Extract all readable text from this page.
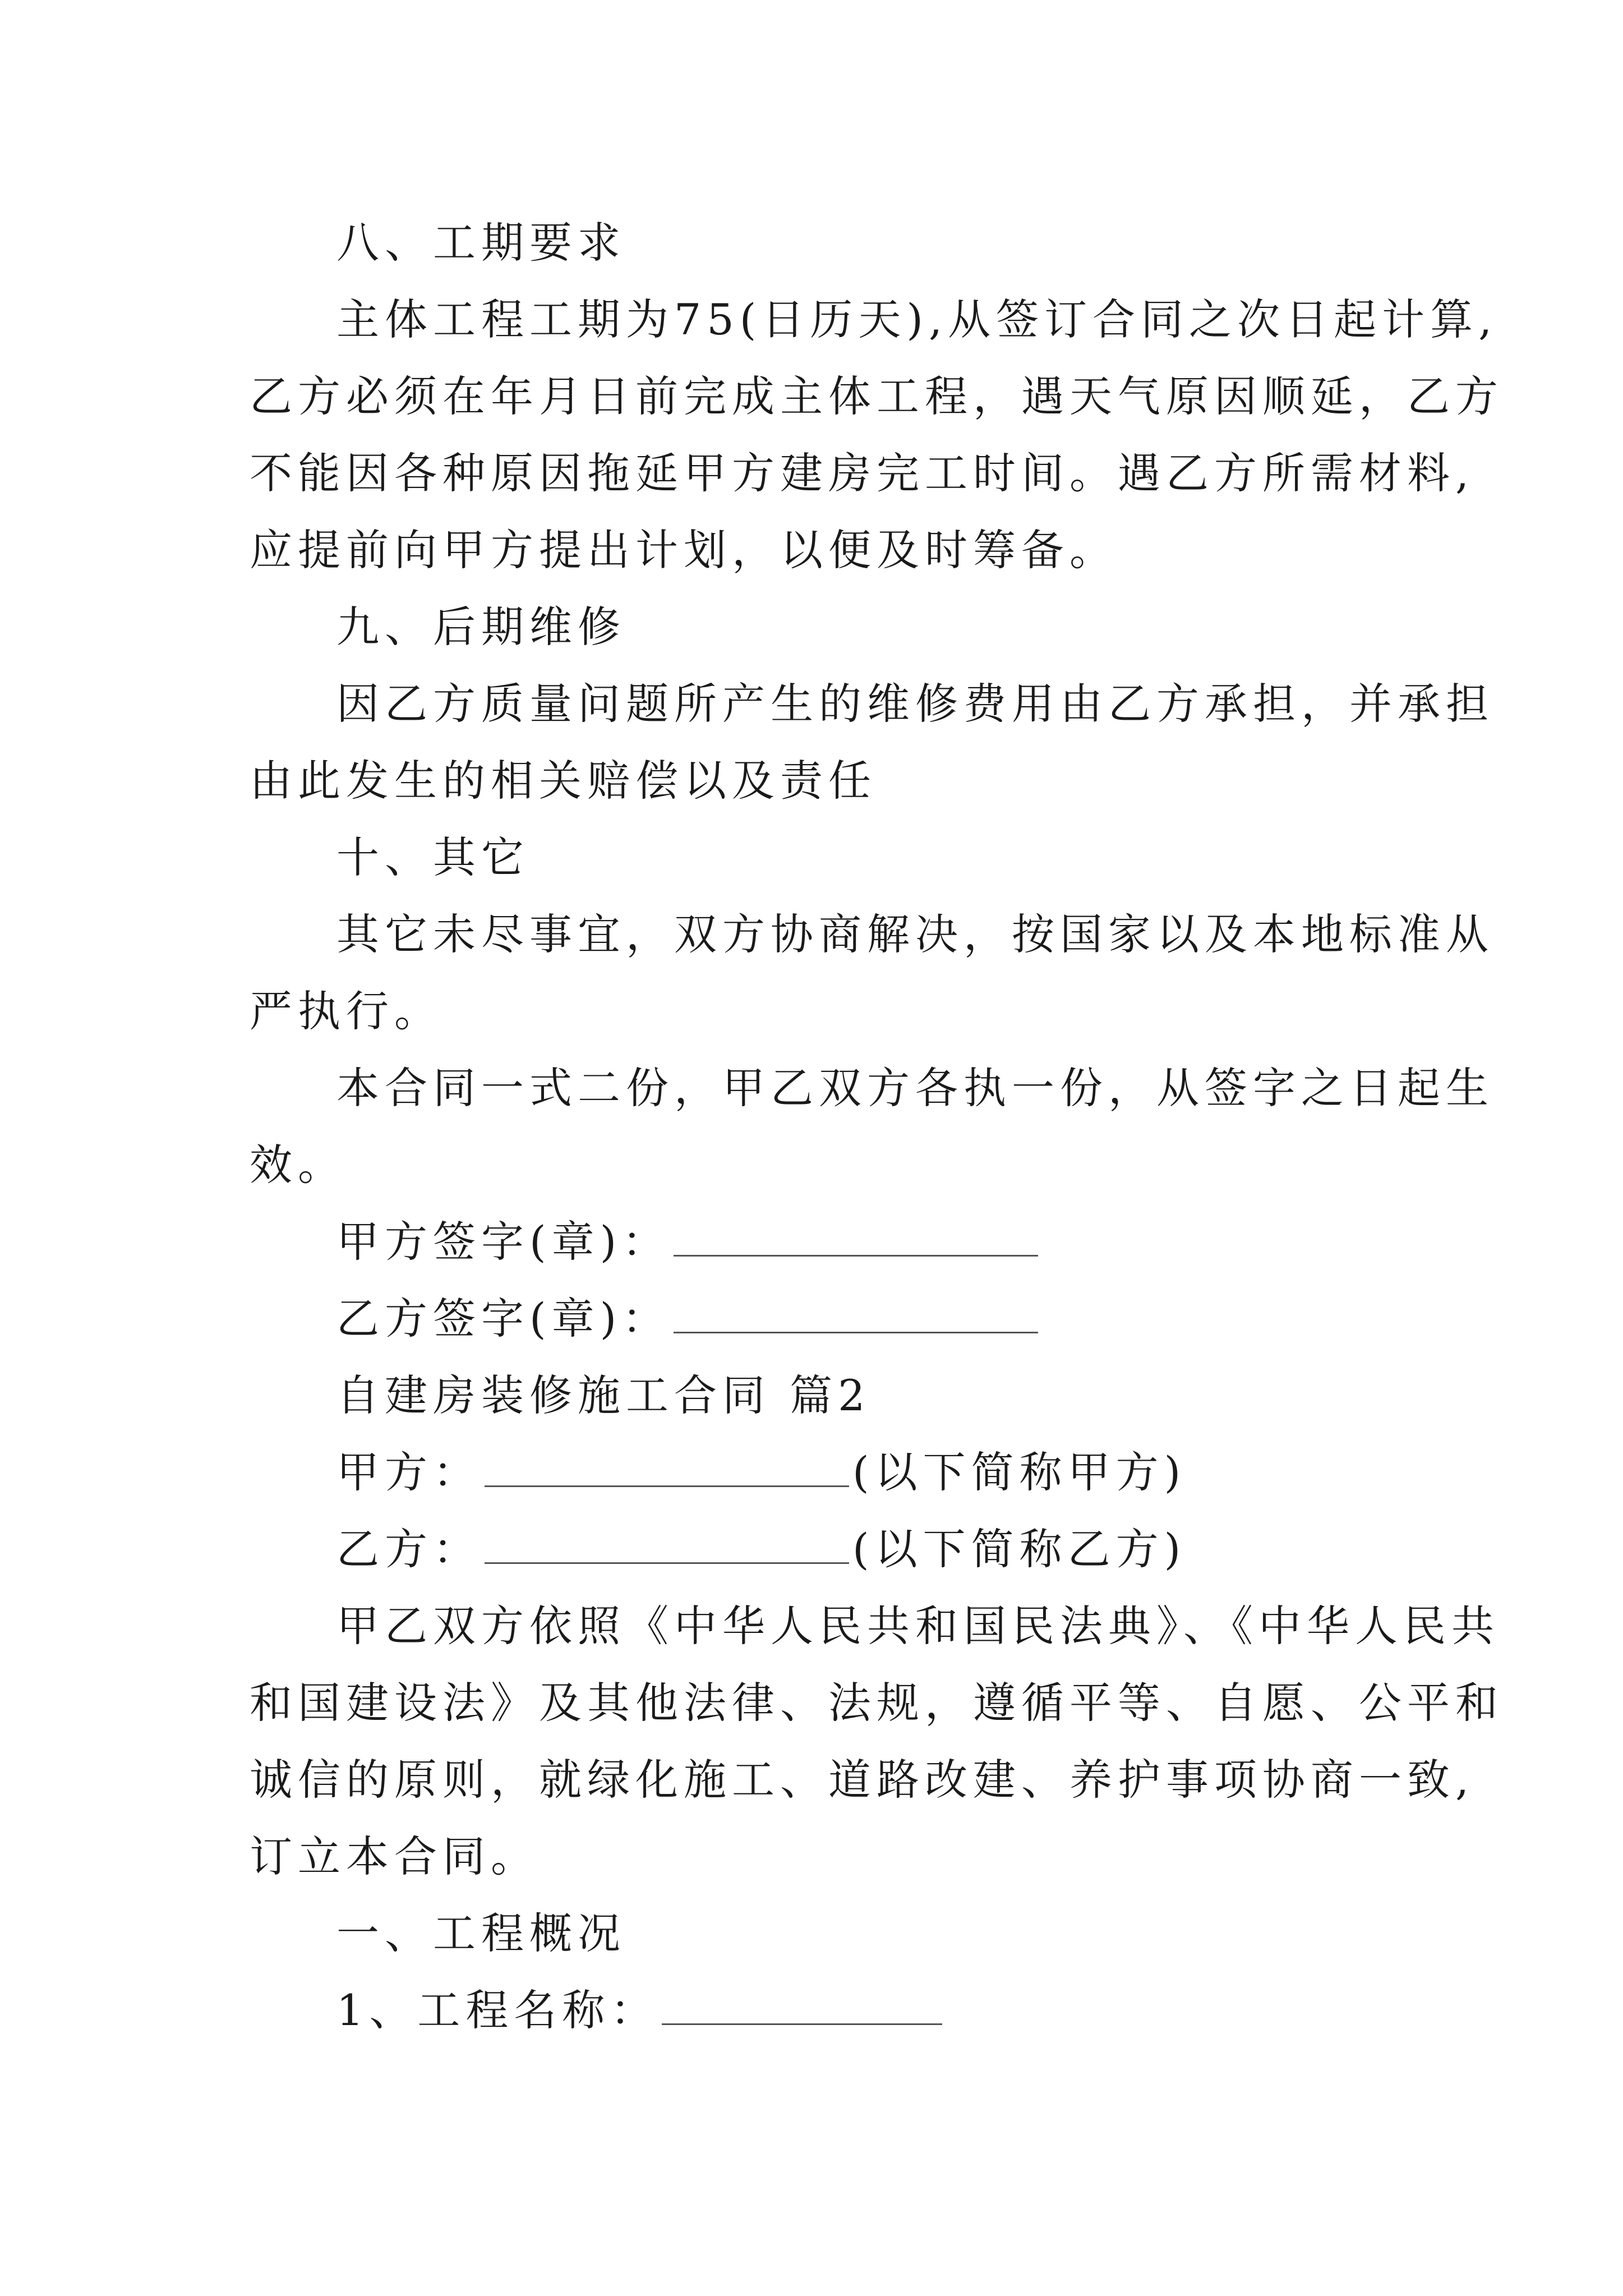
八、工期要求
主体工程工期为75(日历天),从签订合同之次日起计算,
乙方必须在年月日前完成主体工程，遇天气原因顺延，乙方
不能因各种原因拖延甲方建房完工时间。遇乙方所需材料,
应提前向甲方提出计划，以便及时筹备。
九、后期维修
因乙方质量问题所产生的维修费用由乙方承担，并承担
由此发生的相关赔偿以及责任
十、其它
其它未尽事宜，双方协商解决，按国家以及本地标准从
严执行。
本合同一式二份，甲乙双方各执一份，从签字之日起生
效。
甲方签字(章)：
乙方签字(章)：
自建房装修施工合同 篇2
甲方：	(以下简称甲方)
乙方：	(以下简称乙方)
甲乙双方依照《中华人民共和国民法典》、《中华人民共
和国建设法》及其他法律、法规，遵循平等、自愿、公平和
诚信的原则，就绿化施工、道路改建、养护事项协商一致,
订立本合同。
一、工程概况
1、工程名称：
